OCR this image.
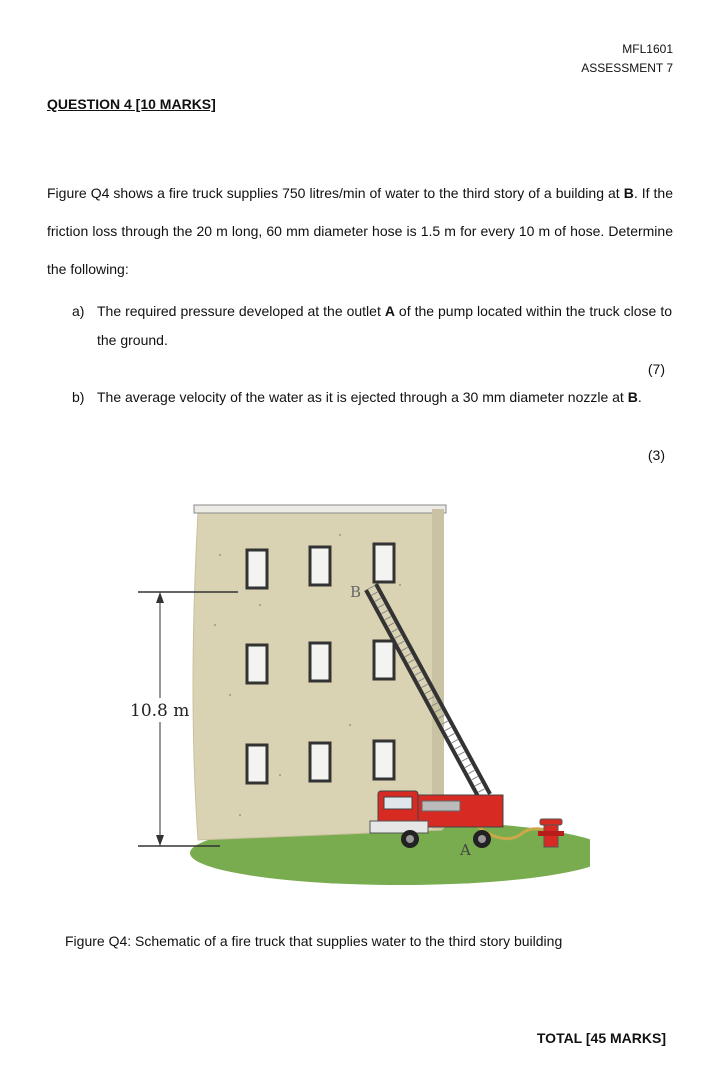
MFL1601
ASSESSMENT 7
QUESTION 4 [10 MARKS]
Figure Q4 shows a fire truck supplies 750 litres/min of water to the third story of a building at B. If the friction loss through the 20 m long, 60 mm diameter hose is 1.5 m for every 10 m of hose. Determine the following:
a) The required pressure developed at the outlet A of the pump located within the truck close to the ground.
(7)
b) The average velocity of the water as it is ejected through a 30 mm diameter nozzle at B.
(3)
10.8 m
B
A
Figure Q4: Schematic of a fire truck that supplies water to the third story building
TOTAL [45 MARKS]
